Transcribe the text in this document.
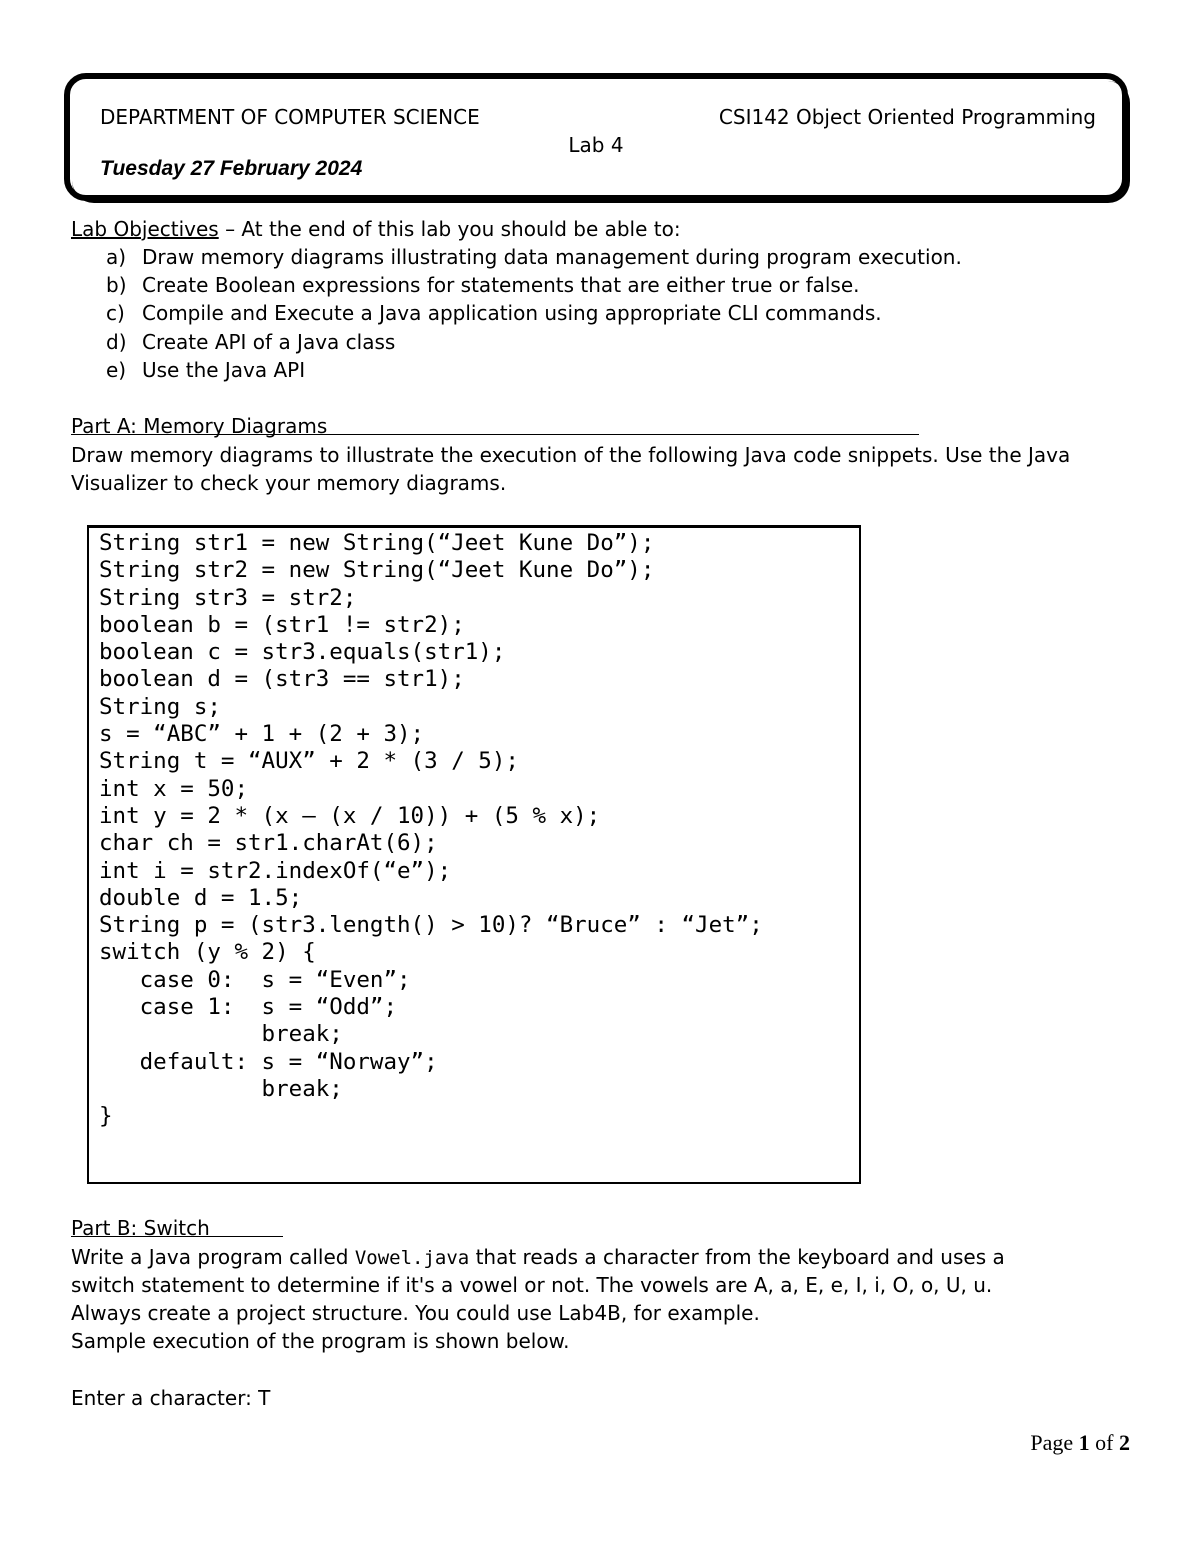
DEPARTMENT OF COMPUTER SCIENCE	CSI142 Object Oriented Programming
Lab 4
Tuesday 27 February 2024
Lab Objectives – At the end of this lab you should be able to:
a) Draw memory diagrams illustrating data management during program execution.
b) Create Boolean expressions for statements that are either true or false.
c) Compile and Execute a Java application using appropriate CLI commands.
d) Create API of a Java class
e) Use the Java API
Part A: Memory Diagrams
Draw memory diagrams to illustrate the execution of the following Java code snippets. Use the Java
Visualizer to check your memory diagrams.
String str1 = new String(“Jeet Kune Do”);
String str2 = new String(“Jeet Kune Do”);
String str3 = str2;
boolean b = (str1 != str2);
boolean c = str3.equals(str1);
boolean d = (str3 == str1);
String s;
s = “ABC” + 1 + (2 + 3);
String t = “AUX” + 2 * (3 / 5);
int x = 50;
int y = 2 * (x – (x / 10)) + (5 % x);
char ch = str1.charAt(6);
int i = str2.indexOf(“e”);
double d = 1.5;
String p = (str3.length() > 10)? “Bruce” : “Jet”;
switch (y % 2) {
case 0:  s = “Even”;
case 1:  s = “Odd”;
break;
default: s = “Norway”;
break;
}
Part B: Switch
Write a Java program called Vowel.java that reads a character from the keyboard and uses a
switch statement to determine if it's a vowel or not. The vowels are A, a, E, e, I, i, O, o, U, u.
Always create a project structure. You could use Lab4B, for example.
Sample execution of the program is shown below.
Enter a character: T
Page 1 of 2
